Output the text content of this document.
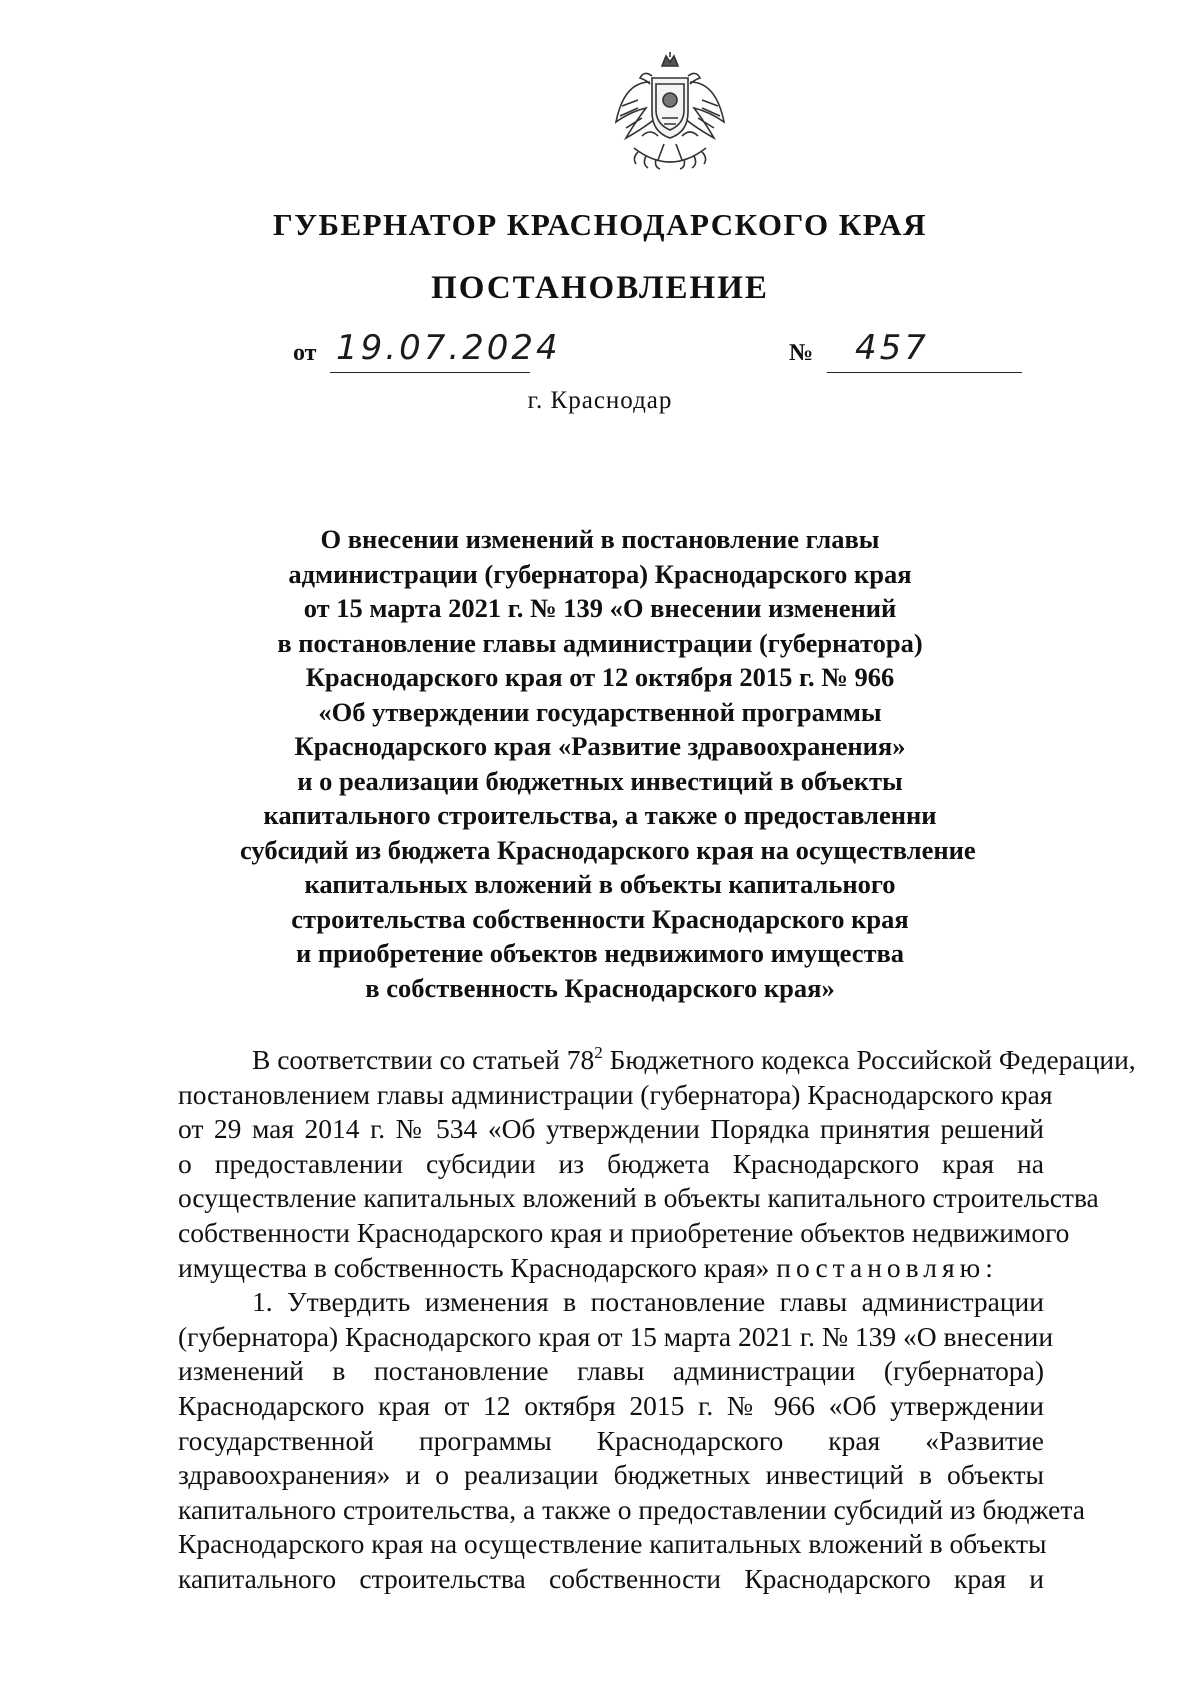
ГУБЕРНАТОР КРАСНОДАРСКОГО КРАЯ
ПОСТАНОВЛЕНИЕ
от 19.07.2024	№ 457

г. Краснодар

О внесении изменений в постановление главы
администрации (губернатора) Краснодарского края
от 15 марта 2021 г. № 139 «О внесении изменений
в постановление главы администрации (губернатора)
Краснодарского края от 12 октября 2015 г. № 966
«Об утверждении государственной программы
Краснодарского края «Развитие здравоохранения»
и о реализации бюджетных инвестиций в объекты
капитального строительства, а также о предоставленни
субсидий из бюджета Краснодарского края на осуществление
капитальных вложений в объекты капитального
строительства собственности Краснодарского края
и приобретение объектов недвижимого имущества
в собственность Краснодарского края»

В соответствии со статьей $78^2$ Бюджетного кодекса Российской Федерации,
постановлением главы администрации (губернатора) Краснодарского края
от 29 мая 2014 г. № 534 «Об утверждении Порядка принятия решений
о предоставлении субсидии из бюджета Краснодарского края на
осуществление капитальных вложений в объекты капитального строительства
собственности Краснодарского края и приобретение объектов недвижимого
имущества в собственность Краснодарского края» постановляю:
1. Утвердить изменения в постановление главы администрации
(губернатора) Краснодарского края от 15 марта 2021 г. № 139 «О внесении
изменений в постановление главы администрации (губернатора)
Краснодарского края от 12 октября 2015 г. № 966 «Об утверждении
государственной программы Краснодарского края «Развитие
здравоохранения» и о реализации бюджетных инвестиций в объекты
капитального строительства, а также о предоставлении субсидий из бюджета
Краснодарского края на осуществление капитальных вложений в объекты
капитального строительства собственности Краснодарского края и
